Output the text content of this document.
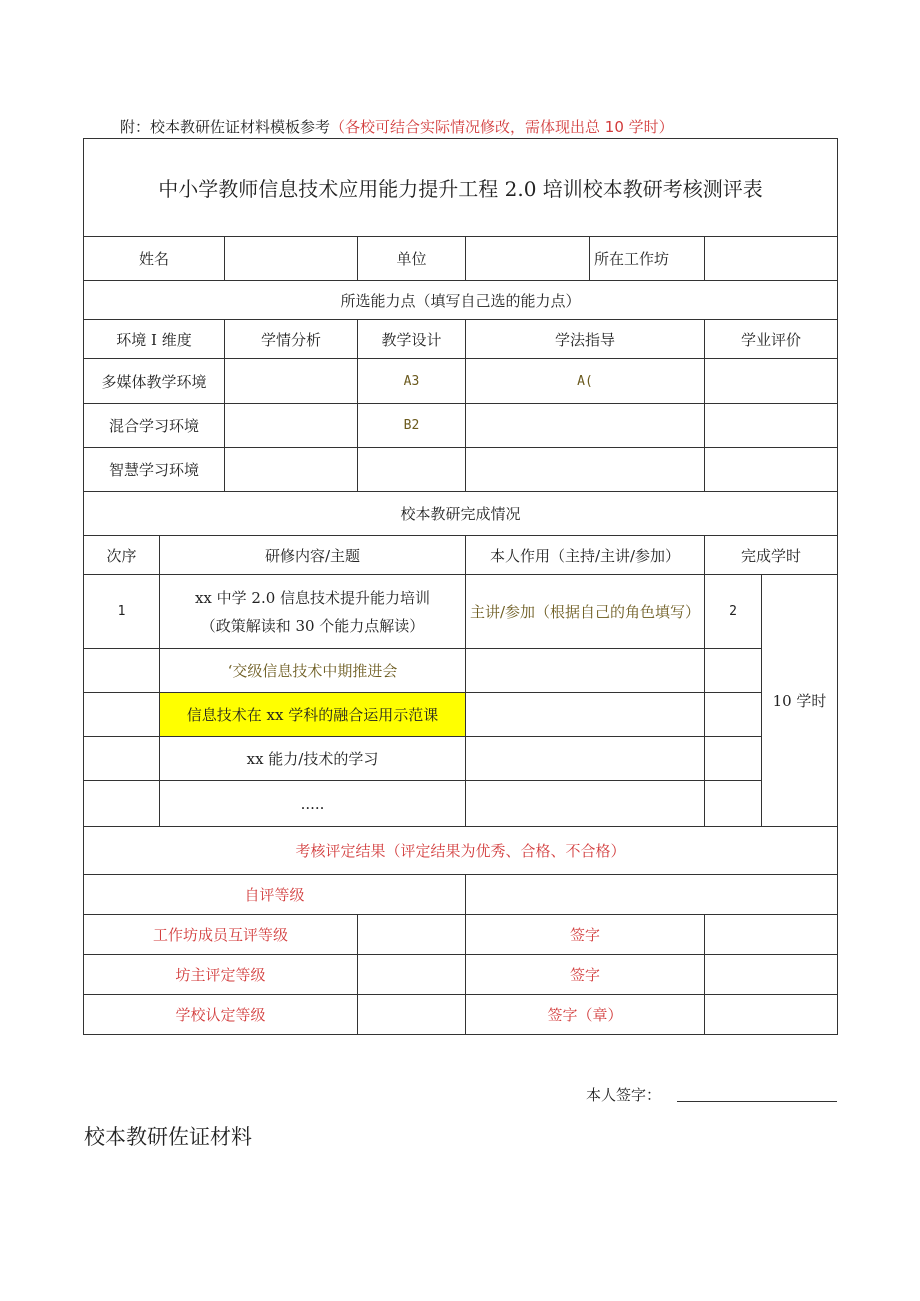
附：校本教研佐证材料模板参考（各校可结合实际情况修改，需体现出总 10 学时）
中小学教师信息技术应用能力提升工程 2.0 培训校本教研考核测评表							
姓名			单位		所在工作坊		
所选能力点（填写自己选的能力点）							
环境 I 维度		学情分析	教学设计	学法指导		学业评价	
多媒体教学环境			A3	A(			
混合学习环境			B2				
智慧学习环境							
校本教研完成情况							
次序	研修内容/主题			本人作用（主持/主讲/参加）		完成学时	
1	xx 中学 2.0 信息技术提升能力培训
（政策解读和 30 个能力点解读）			主讲/参加（根据自己的角色填写）		2	10 学时
	‘交级信息技术中期推进会						
	信息技术在 xx 学科的融合运用示范课						
	xx 能力/技术的学习						
	.....						
考核评定结果（评定结果为优秀、合格、不合格）							
自评等级							
工作坊成员互评等级				签字			
坊主评定等级				签字			
学校认定等级				签字（章）			
本人签字：
校本教研佐证材料
